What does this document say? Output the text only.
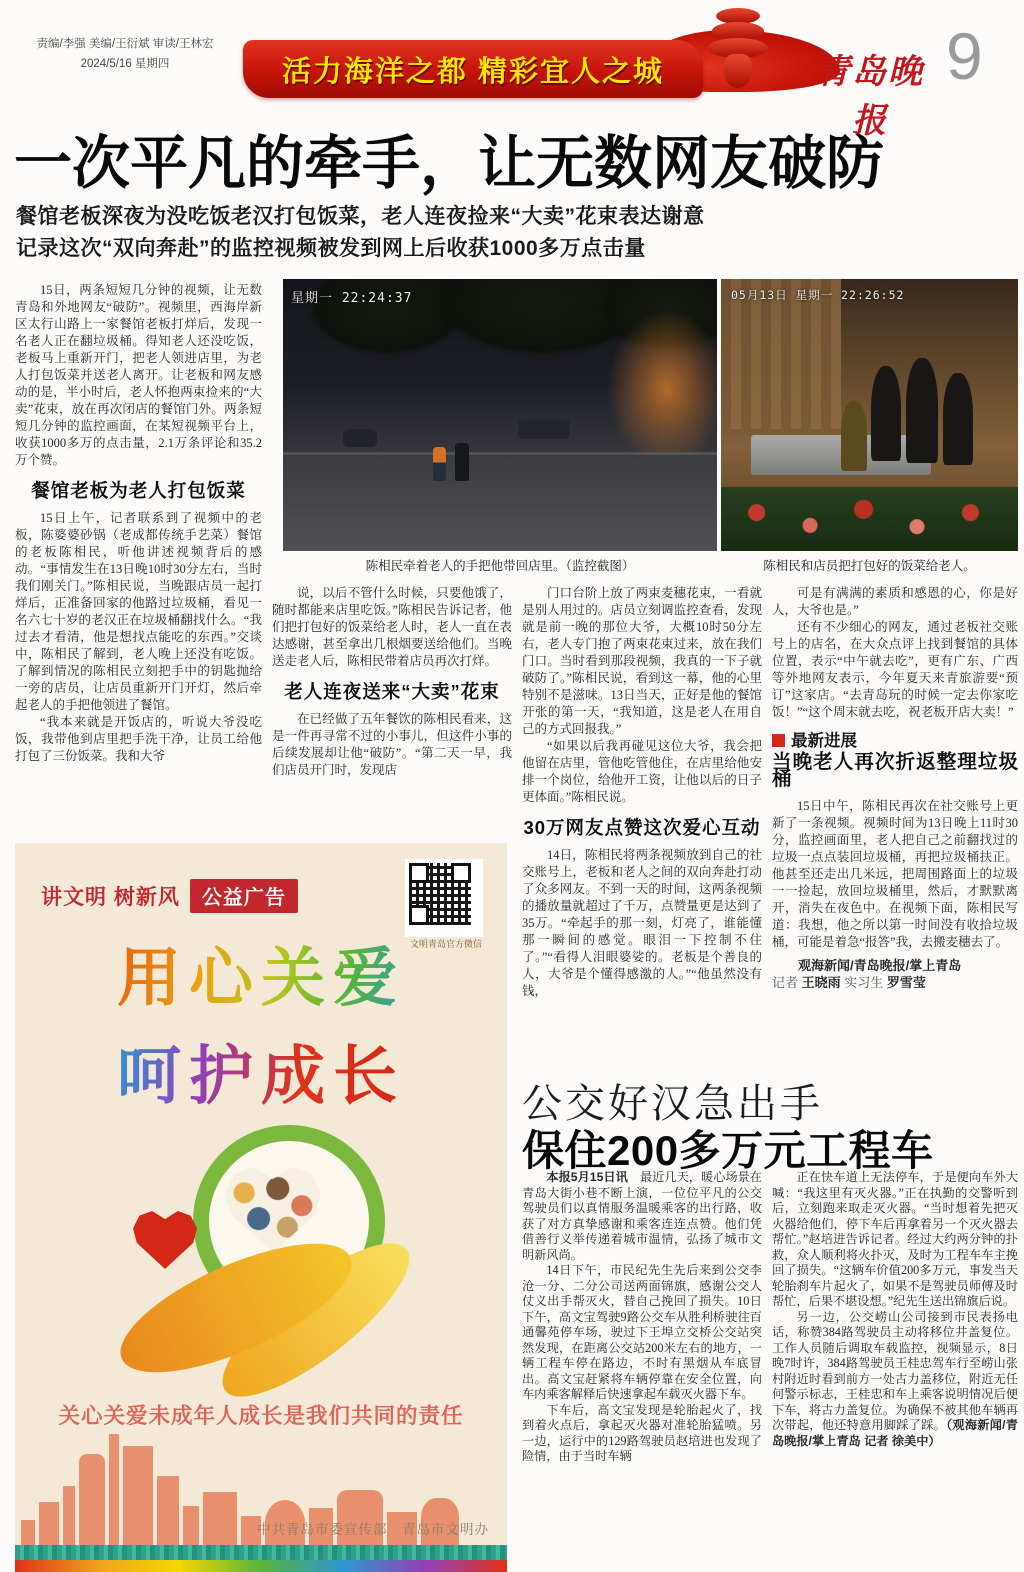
责编/李强 美编/王衍斌 审读/王林宏
2024/5/16 星期四	活力海洋之都 精彩宜人之城	青岛晚报
9
一次平凡的牵手，让无数网友破防
餐馆老板深夜为没吃饭老汉打包饭菜，老人连夜捡来“大卖”花束表达谢意
记录这次“双向奔赴”的监控视频被发到网上后收获1000多万点击量
星期一 22:24:37	05月13日 星期一 22:26:52
陈相民牵着老人的手把他带回店里。（监控截图）	陈相民和店员把打包好的饭菜给老人。

15日，两条短短几分钟的视频，让无数青岛和外地网友“破防”。视频里，西海岸新区太行山路上一家餐馆老板打烊后，发现一名老人正在翻垃圾桶。得知老人还没吃饭，老板马上重新开门，把老人领进店里，为老人打包饭菜并送老人离开。让老板和网友感动的是，半小时后，老人怀抱两束捡来的“大卖”花束，放在再次闭店的餐馆门外。两条短短几分钟的监控画面，在某短视频平台上，收获1000多万的点击量，2.1万条评论和35.2万个赞。

餐馆老板为老人打包饭菜

15日上午，记者联系到了视频中的老板，陈婆婆砂锅（老成都传统手艺菜）餐馆的老板陈相民，听他讲述视频背后的感动。“事情发生在13日晚10时30分左右，当时我们刚关门。”陈相民说，当晚跟店员一起打烊后，正准备回家的他路过垃圾桶，看见一名六七十岁的老汉正在垃圾桶翻找什么。“我过去才看清，他是想找点能吃的东西。”交谈中，陈相民了解到，老人晚上还没有吃饭。了解到情况的陈相民立刻把手中的钥匙抛给一旁的店员，让店员重新开门开灯，然后牵起老人的手把他领进了餐馆。

“我本来就是开饭店的，听说大爷没吃饭，我带他到店里把手洗干净，让员工给他打包了三份饭菜。我和大爷

说，以后不管什么时候，只要他饿了，随时都能来店里吃饭。”陈相民告诉记者，他们把打包好的饭菜给老人时，老人一直在表达感谢，甚至拿出几根烟要送给他们。当晚送走老人后，陈相民带着店员再次打烊。

老人连夜送来“大卖”花束

在已经做了五年餐饮的陈相民看来，这是一件再寻常不过的小事儿，但这件小事的后续发展却让他“破防”。“第二天一早，我们店员开门时，发现店

门口台阶上放了两束麦穗花束，一看就是别人用过的。店员立刻调监控查看，发现就是前一晚的那位大爷，大概10时50分左右，老人专门抱了两束花束过来，放在我们门口。当时看到那段视频，我真的一下子就破防了。”陈相民说，看到这一幕，他的心里特别不是滋味。13日当天，正好是他的餐馆开张的第一天，“我知道，这是老人在用自己的方式回报我。”

“如果以后我再碰见这位大爷，我会把他留在店里，管他吃管他住，在店里给他安排一个岗位，给他开工资，让他以后的日子更体面。”陈相民说。

30万网友点赞这次爱心互动

14日，陈相民将两条视频放到自己的社交账号上，老板和老人之间的双向奔赴打动了众多网友。不到一天的时间，这两条视频的播放量就超过了千万，点赞量更是达到了35万。“牵起手的那一刻，灯亮了，谁能懂那一瞬间的感觉。眼泪一下控制不住了。”“看得人泪眼婆娑的。老板是个善良的人，大爷是个懂得感激的人。”“他虽然没有钱，

可是有满满的素质和感恩的心，你是好人，大爷也是。”

还有不少细心的网友，通过老板社交账号上的店名，在大众点评上找到餐馆的具体位置，表示“中午就去吃”，更有广东、广西等外地网友表示，今年夏天来青旅游要“预订”这家店。“去青岛玩的时候一定去你家吃饭！”“这个周末就去吃，祝老板开店大卖！”

最新进展

当晚老人再次折返整理垃圾桶

15日中午，陈相民再次在社交账号上更新了一条视频。视频时间为13日晚上11时30分，监控画面里，老人把自己之前翻找过的垃圾一点点装回垃圾桶，再把垃圾桶扶正。他甚至还走出几米远，把周围路面上的垃圾一一捡起，放回垃圾桶里，然后，才默默离开，消失在夜色中。在视频下面，陈相民写道：我想，他之所以第一时间没有收拾垃圾桶，可能是着急“报答”我，去搬麦穗去了。

观海新闻/青岛晚报/掌上青岛
记者 王晓雨 实习生 罗雪莹

讲文明 树新风 公益广告
用心关爱
呵护成长
关心关爱未成年人成长是我们共同的责任
中共青岛市委宣传部　青岛市文明办
公交好汉急出手
保住200多万元工程车

本报5月15日讯　最近几天，暖心场景在青岛大街小巷不断上演，一位位平凡的公交驾驶员们以真情服务温暖乘客的出行路，收获了对方真挚感谢和乘客连连点赞。他们凭借善行义举传递着城市温情，弘扬了城市文明新风尚。

14日下午，市民纪先生先后来到公交李沧一分、二分公司送两面锦旗，感谢公交人仗义出手帮灭火，替自己挽回了损失。10日下午，高文宝驾驶9路公交车从胜利桥驶往百通馨苑停车场，驶过下王埠立交桥公交站突然发现，在距离公交站200米左右的地方，一辆工程车停在路边，不时有黑烟从车底冒出。高文宝赶紧将车辆停靠在安全位置，向车内乘客解释后快速拿起车载灭火器下车。

下车后，高文宝发现是轮胎起火了，找到着火点后，拿起灭火器对准轮胎猛喷。另一边，运行中的129路驾驶员赵培进也发现了险情，由于当时车辆

正在快车道上无法停车，于是便向车外大喊：“我这里有灭火器。”正在执勤的交警听到后，立刻跑来取走灭火器。“当时想着先把灭火器给他们，停下车后再拿着另一个灭火器去帮忙。”赵培进告诉记者。经过大约两分钟的扑救，众人顺利将火扑灭，及时为工程车车主挽回了损失。“这辆车价值200多万元，事发当天轮胎刹车片起火了，如果不是驾驶员师傅及时帮忙，后果不堪设想。”纪先生送出锦旗后说。

另一边，公交崂山公司接到市民表扬电话，称赞384路驾驶员主动将移位井盖复位。工作人员随后调取车载监控，视频显示，8日晚7时许，384路驾驶员王桂忠驾车行至崂山张村附近时看到前方一处古力盖移位，附近无任何警示标志，王桂忠和车上乘客说明情况后便下车，将古力盖复位。为确保不被其他车辆再次带起，他还特意用脚踩了踩。（观海新闻/青岛晚报/掌上青岛 记者 徐美中）
